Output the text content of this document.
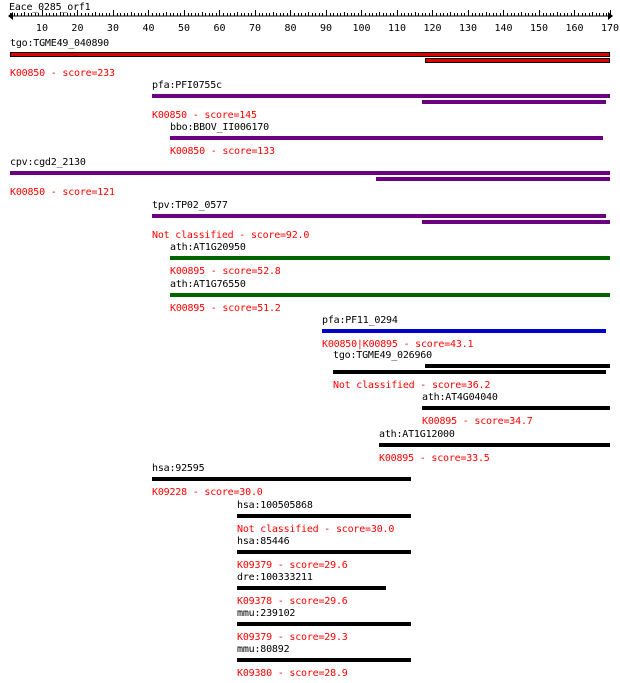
Eace_0285_orf1
10 20 30 40 50 60 70 80 90 100 110 120 130 140 150 160 170
tgo:TGME49_040890
K00850 - score=233
pfa:PFI0755c
K00850 - score=145
bbo:BBOV_II006170
K00850 - score=133
cpv:cgd2_2130
K00850 - score=121
tpv:TP02_0577
Not classified - score=92.0
ath:AT1G20950
K00895 - score=52.8
ath:AT1G76550
K00895 - score=51.2
pfa:PF11_0294
K00850|K00895 - score=43.1
tgo:TGME49_026960
Not classified - score=36.2
ath:AT4G04040
K00895 - score=34.7
ath:AT1G12000
K00895 - score=33.5
hsa:92595
K09228 - score=30.0
hsa:100505868
Not classified - score=30.0
hsa:85446
K09379 - score=29.6
dre:100333211
K09378 - score=29.6
mmu:239102
K09379 - score=29.3
mmu:80892
K09380 - score=28.9
